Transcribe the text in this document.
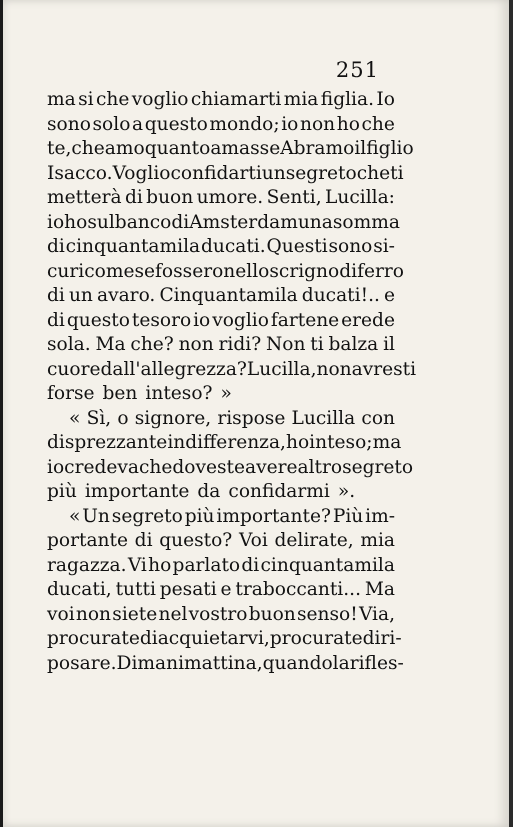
251
ma si che voglio chiamarti mia figlia. Io
sono solo a questo mondo; io non ho che
te, che amo quanto amasse Abramo il figlio
Isacco. Voglio confidarti un segreto che ti
metterà di buon umore. Senti, Lucilla:
io ho sul banco di Amsterdam una somma
di cinquantamila ducati. Questi sono si-
curi come se fossero nello scrigno di ferro
di un avaro. Cinquantamila ducati!.. e
di questo tesoro io voglio fartene erede
sola. Ma che? non ridi? Non ti balza il
cuore dall'allegrezza? Lucilla, non avresti
forse ben inteso? »
« Sì, o signore, rispose Lucilla con
disprezzante indifferenza, ho inteso; ma
io credeva che doveste avere altro segreto
più importante da confidarmi ».
« Un segreto più importante? Più im-
portante di questo? Voi delirate, mia
ragazza. Vi ho parlato di cinquantamila
ducati, tutti pesati e traboccanti... Ma
voi non siete nel vostro buon senso! Via,
procurate di acquietarvi, procurate di ri-
posare. Dimani mattina, quando la rifles-
